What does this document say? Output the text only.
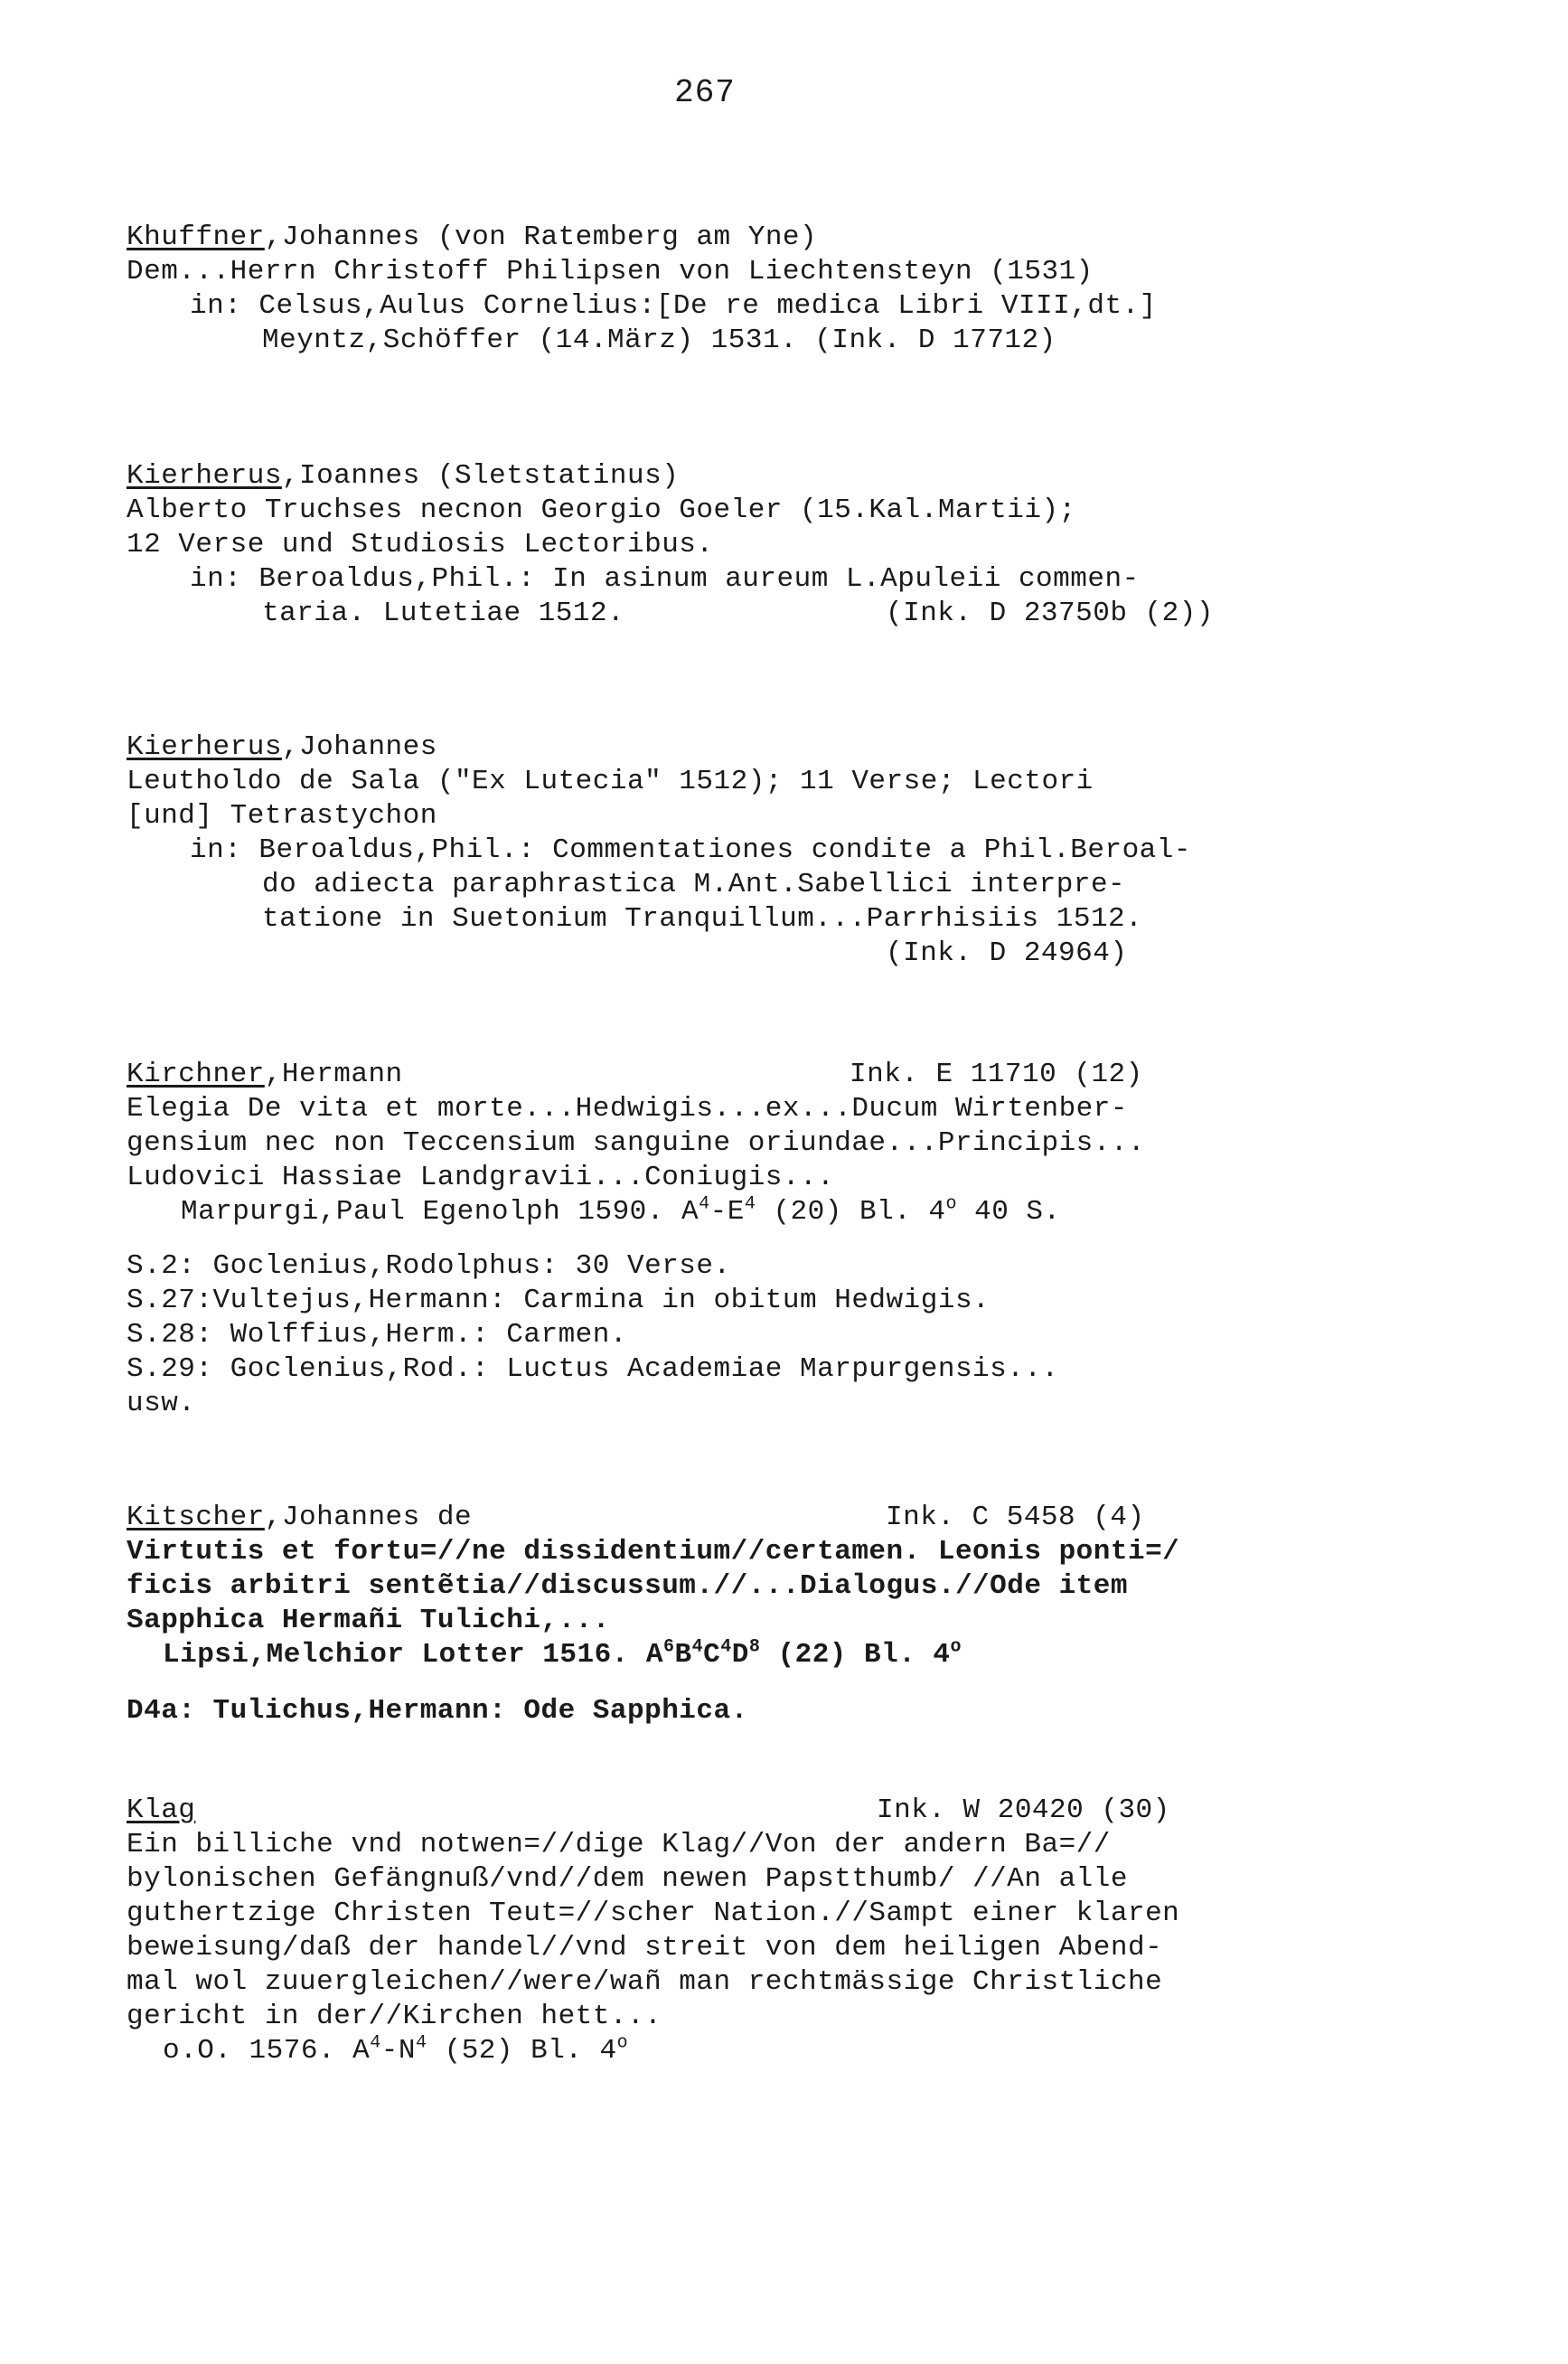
267
Khuffner,Johannes (von Ratemberg am Yne)
Dem...Herrn Christoff Philipsen von Liechtensteyn (1531)
in: Celsus,Aulus Cornelius:[De re medica Libri VIII,dt.]
Meyntz,Schöffer (14.März) 1531. (Ink. D 17712)
Kierherus,Ioannes (Sletstatinus)
Alberto Truchses necnon Georgio Goeler (15.Kal.Martii);
12 Verse und Studiosis Lectoribus.
in: Beroaldus,Phil.: In asinum aureum L.Apuleii commen-
taria. Lutetiae 1512.	(Ink. D 23750b (2))
Kierherus,Johannes
Leutholdo de Sala ("Ex Lutecia" 1512); 11 Verse; Lectori
[und] Tetrastychon
in: Beroaldus,Phil.: Commentationes condite a Phil.Beroal-
do adiecta paraphrastica M.Ant.Sabellici interpre-
tatione in Suetonium Tranquillum...Parrhisiis 1512.
(Ink. D 24964)
Kirchner,Hermann	Ink. E 11710 (12)
Elegia De vita et morte...Hedwigis...ex...Ducum Wirtenber-
gensium nec non Teccensium sanguine oriundae...Principis...
Ludovici Hassiae Landgravii...Coniugis...
Marpurgi,Paul Egenolph 1590. $A^4-E^4$ (20) Bl. 4$^o$ 40 S.
S.2: Goclenius,Rodolphus: 30 Verse.
S.27:Vultejus,Hermann: Carmina in obitum Hedwigis.
S.28: Wolffius,Herm.: Carmen.
S.29: Goclenius,Rod.: Luctus Academiae Marpurgensis...
usw.
Kitscher,Johannes de	Ink. C 5458 (4)
Virtutis et fortu=//ne dissidentium//certamen. Leonis ponti=/
ficis arbitri sentẽtia//discussum.//...Dialogus.//Ode item
Sapphica Hermañi Tulichi,...
Lipsi,Melchior Lotter 1516. $A^6B^4C^4D^8$ (22) Bl. 4$^o$
D4a: Tulichus,Hermann: Ode Sapphica.
Klag	Ink. W 20420 (30)
Ein billiche vnd notwen=//dige Klag//Von der andern Ba=//
bylonischen Gefängnuß/vnd//dem newen Papstthumb/ //An alle
guthertzige Christen Teut=//scher Nation.//Sampt einer klaren
beweisung/daß der handel//vnd streit von dem heiligen Abend-
mal wol zuuergleichen//were/wañ man rechtmässige Christliche
gericht in der//Kirchen hett...
o.O. 1576. $A^4-N^4$ (52) Bl. 4$^o$
